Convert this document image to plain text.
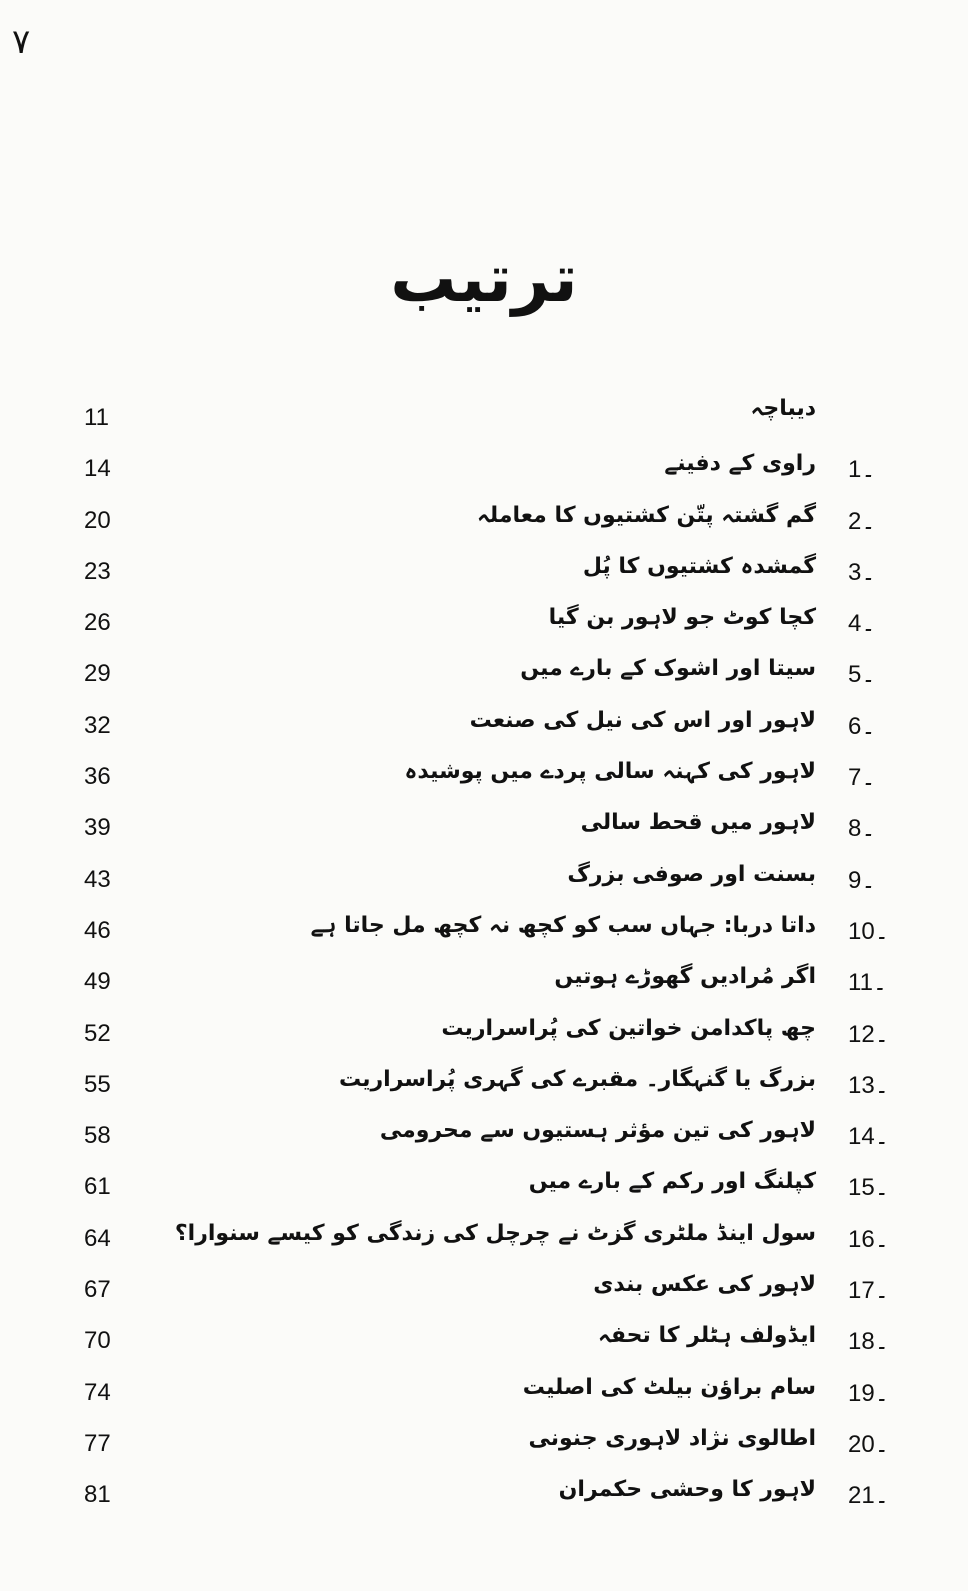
۷
ترتیب
11	دیباچہ
14	راوی کے دفینے 1۔
20	گم گشتہ پتّن کشتیوں کا معاملہ 2۔
23	گمشدہ کشتیوں کا پُل 3۔
26	کچا کوٹ جو لاہور بن گیا 4۔
29	سیتا اور اشوک کے بارے میں 5۔
32	لاہور اور اس کی نیل کی صنعت 6۔
36	لاہور کی کہنہ سالی پردے میں پوشیدہ 7۔
39	لاہور میں قحط سالی 8۔
43	بسنت اور صوفی بزرگ 9۔
46	داتا دربا: جہاں سب کو کچھ نہ کچھ مل جاتا ہے 10۔
49	اگر مُرادیں گھوڑے ہوتیں 11۔
52	چھ پاکدامن خواتین کی پُراسراریت 12۔
55	بزرگ یا گنہگار۔ مقبرے کی گہری پُراسراریت 13۔
58	لاہور کی تین مؤثر ہستیوں سے محرومی 14۔
61	کپلنگ اور رکم کے بارے میں 15۔
64	سول اینڈ ملٹری گزٹ نے چرچل کی زندگی کو کیسے سنوارا؟ 16۔
67	لاہور کی عکس بندی 17۔
70	ایڈولف ہٹلر کا تحفہ 18۔
74	سام براؤن بیلٹ کی اصلیت 19۔
77	اطالوی نژاد لاہوری جنونی 20۔
81	لاہور کا وحشی حکمران 21۔
